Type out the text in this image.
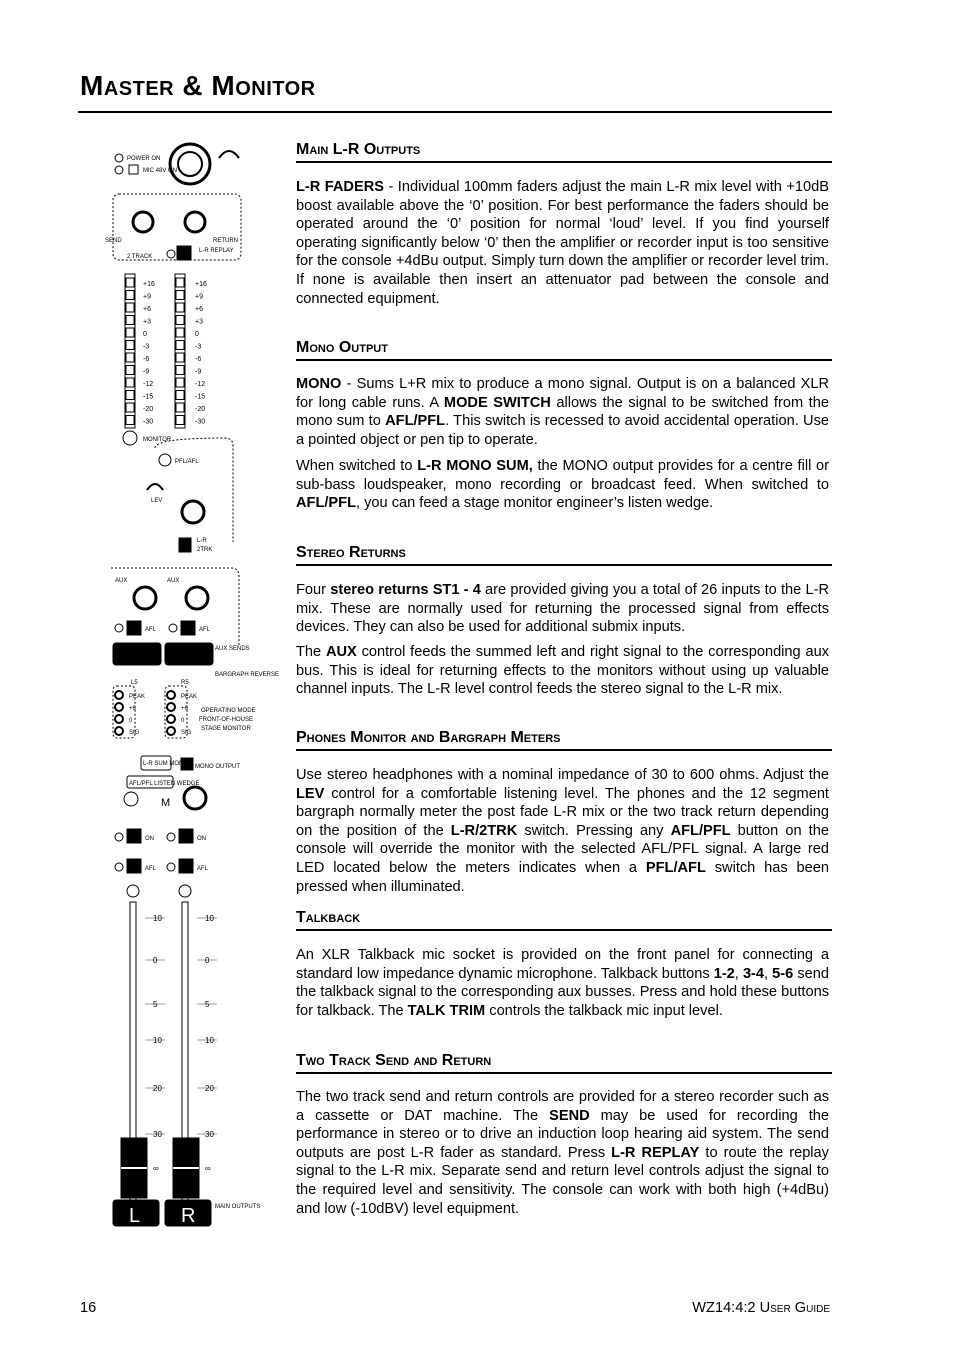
Master & Monitor
POWER ON
MIC 48V ON
SEND	RETURN
2 TRACK
L-R REPLAY
MONITOR
PFL/AFL
LEV
L-R
2TRK
AUX	AUX
AFL	AFL
AUX SENDS
L5	R5
BARGRAPH REVERSE
PEAK
+6
0
SIG
PEAK
+6
0
SIG
OPERATING MODE
FRONT-OF-HOUSE
STAGE MONITOR
L-R SUM MONO
AFL/PFL LISTEN WEDGE
MONO OUTPUT
M
ON	ON
AFL	AFL
MAIN OUTPUTS
L R
+16	+16
+9	+9
+6	+6
+3	+3
0	0
-3	-3
-6	-6
-9	-9
-12	-12
-15	-15
-20	-20
-30	-30
10	10
0	0
5	5
10	10
20	20
30	30
∞	∞
Main L-R Outputs

L-R FADERS - Individual 100mm faders adjust the main L-R mix level with +10dB boost available above the ‘0’ position. For best performance the faders should be operated around the ‘0’ position for normal ‘loud’ level. If you find yourself operating significantly below ‘0’ then the amplifier or recorder input is too sensitive for the console +4dBu output. Simply turn down the amplifier or recorder level trim. If none is available then insert an attenuator pad between the console and connected equipment.

Mono Output

MONO - Sums L+R mix to produce a mono signal. Output is on a balanced XLR for long cable runs. A MODE SWITCH allows the signal to be switched from the mono sum to AFL/PFL. This switch is recessed to avoid accidental operation. Use a pointed object or pen tip to operate.

When switched to L-R MONO SUM, the MONO output provides for a centre fill or sub-bass loudspeaker, mono recording or broadcast feed. When switched to AFL/PFL, you can feed a stage monitor engineer’s listen wedge.

Stereo Returns

Four stereo returns ST1 - 4 are provided giving you a total of 26 inputs to the L-R mix. These are normally used for returning the processed signal from effects devices. They can also be used for additional submix inputs.

The AUX control feeds the summed left and right signal to the corresponding aux bus. This is ideal for returning effects to the monitors without using up valuable channel inputs. The L-R level control feeds the stereo signal to the L-R mix.

Phones Monitor and Bargraph Meters

Use stereo headphones with a nominal impedance of 30 to 600 ohms. Adjust the LEV control for a comfortable listening level. The phones and the 12 segment bargraph normally meter the post fade L-R mix or the two track return depending on the position of the L-R/2TRK switch. Pressing any AFL/PFL button on the console will override the monitor with the selected AFL/PFL signal. A large red LED located below the meters indicates when a PFL/AFL switch has been pressed when illuminated.

Talkback

An XLR Talkback mic socket is provided on the front panel for connecting a standard low impedance dynamic microphone. Talkback buttons 1-2, 3-4, 5-6 send the talkback signal to the corresponding aux busses. Press and hold these buttons for talkback. The TALK TRIM controls the talkback mic input level.

Two Track Send and Return

The two track send and return controls are provided for a stereo recorder such as a cassette or DAT machine. The SEND may be used for recording the performance in stereo or to drive an induction loop hearing aid system. The send outputs are post L-R fader as standard. Press L-R REPLAY to route the replay signal to the L-R mix. Separate send and return level controls adjust the signal to the required level and sensitivity. The console can work with both high (+4dBu) and low (-10dBV) level equipment.

16	WZ14:4:2 User Guide
